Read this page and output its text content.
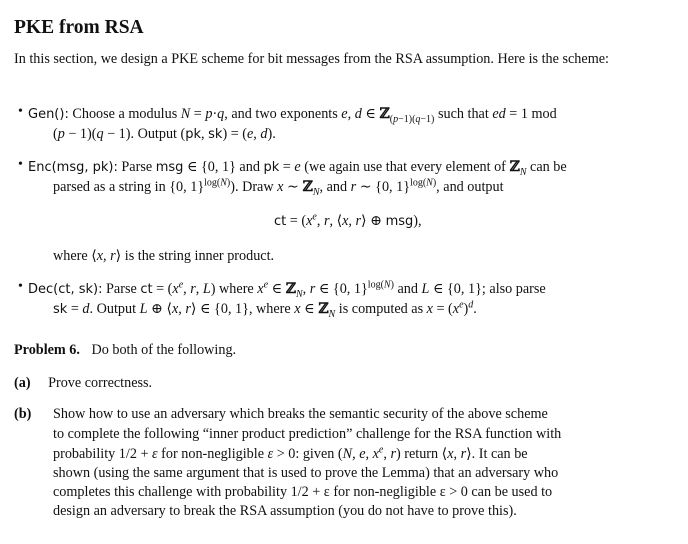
PKE from RSA
In this section, we design a PKE scheme for bit messages from the RSA assumption. Here is the scheme:
• Gen(): Choose a modulus N = p·q, and two exponents e, d ∈ ℤ$_{(p-1)(q-1)}$ such that ed = 1 mod
(p − 1)(q − 1). Output (pk, sk) = (e, d).
• Enc(msg, pk): Parse msg ∈ {0, 1} and pk = e (we again use that every element of ℤ$_N$ can be
parsed as a string in {0, 1}$^{log(N)}$). Draw x ∼ ℤ$_N$, and r ∼ {0, 1}$^{log(N)}$, and output
ct = ($x^e$, r, ⟨x, r⟩ ⊕ msg),
where ⟨x, r⟩ is the string inner product.
• Dec(ct, sk): Parse ct = ($x^e$, r, L) where $x^e$ ∈ ℤ$_N$, r ∈ {0, 1}$^{log(N)}$ and L ∈ {0, 1}; also parse
sk = d. Output L ⊕ ⟨x, r⟩ ∈ {0, 1}, where x ∈ ℤ$_N$ is computed as $x = (x^e)^d$.
Problem 6. Do both of the following.
(a) Prove correctness.
(b) Show how to use an adversary which breaks the semantic security of the above scheme
to complete the following “inner product prediction” challenge for the RSA function with
probability 1/2 + ε for non-negligible ε > 0: given (N, e, $x^e$, r) return ⟨x, r⟩. It can be
shown (using the same argument that is used to prove the Lemma) that an adversary who
completes this challenge with probability 1/2 + ε for non-negligible ε > 0 can be used to
design an adversary to break the RSA assumption (you do not have to prove this).
